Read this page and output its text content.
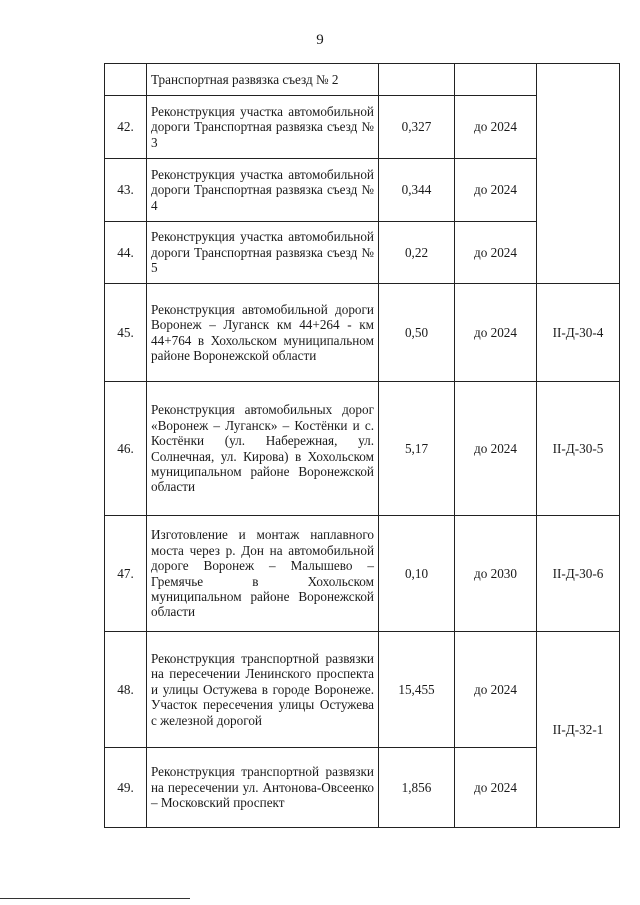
9
	Транспортная развязка съезд № 2			
42.	Реконструкция участка автомобильной дороги Транспортная развязка съезд № 3	0,327	до 2024	
43.	Реконструкция участка автомобильной дороги Транспортная развязка съезд № 4	0,344	до 2024	
44.	Реконструкция участка автомобильной дороги Транспортная развязка съезд № 5	0,22	до 2024	
45.	Реконструкция автомобильной дороги Воронеж – Луганск км 44+264 - км 44+764 в Хохольском муниципальном районе Воронежской области	0,50	до 2024	II-Д-30-4
46.	Реконструкция автомобильных дорог «Воронеж – Луганск» – Костёнки и с. Костёнки (ул. Набережная, ул. Солнечная, ул. Кирова) в Хохольском муниципальном районе Воронежской области	5,17	до 2024	II-Д-30-5
47.	Изготовление и монтаж наплавного моста через р. Дон на автомобильной дороге Воронеж – Малышево – Гремячье в Хохольском муниципальном районе Воронежской области	0,10	до 2030	II-Д-30-6
48.	Реконструкция транспортной развязки на пересечении Ленинского проспекта и улицы Остужева в городе Воронеже. Участок пересечения улицы Остужева с железной дорогой	15,455	до 2024	II-Д-32-1
49.	Реконструкция транспортной развязки на пересечении ул. Антонова-Овсеенко – Московский проспект	1,856	до 2024	
